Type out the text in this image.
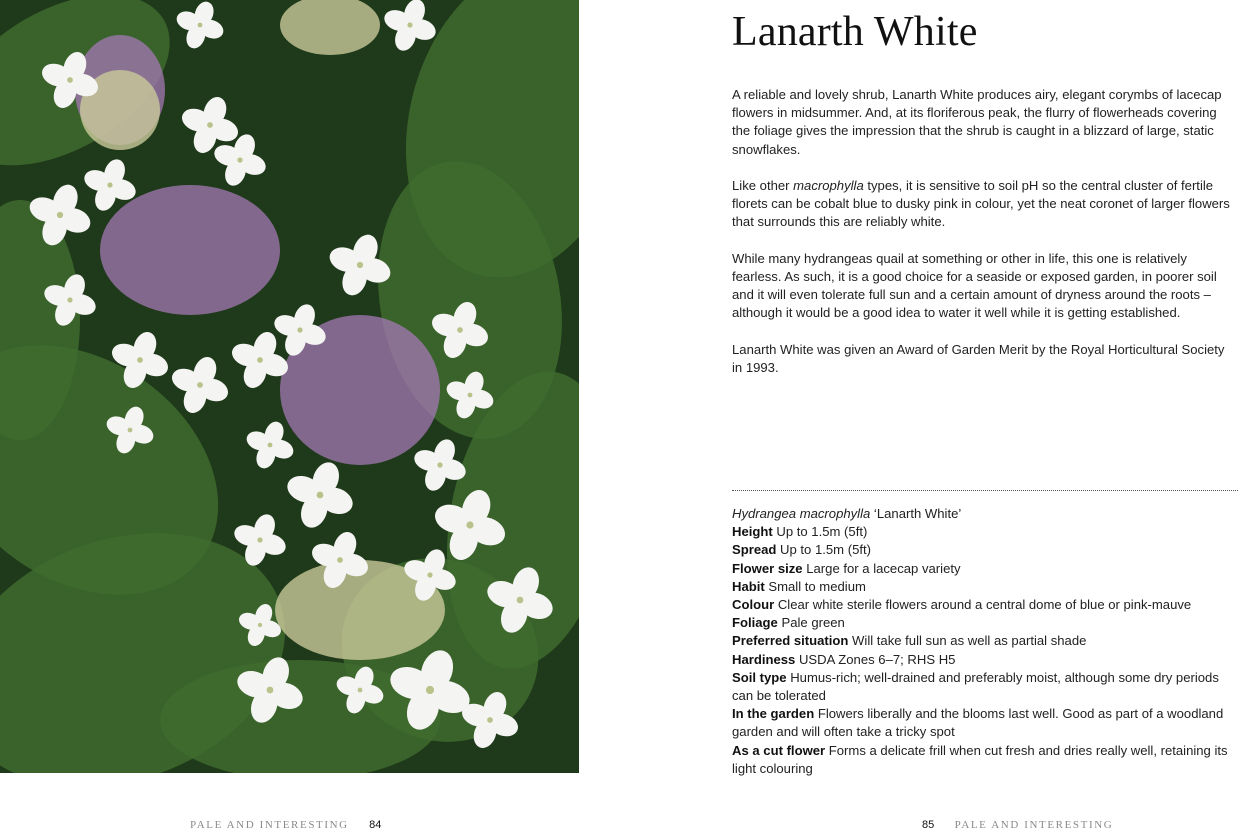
PALE AND INTERESTING 84
Lanarth White

A reliable and lovely shrub, Lanarth White produces airy, elegant corymbs of lacecap flowers in midsummer. And, at its floriferous peak, the flurry of flowerheads covering the foliage gives the impression that the shrub is caught in a blizzard of large, static snowflakes.

Like other macrophylla types, it is sensitive to soil pH so the central cluster of fertile florets can be cobalt blue to dusky pink in colour, yet the neat coronet of larger flowers that surrounds this are reliably white.

While many hydrangeas quail at something or other in life, this one is relatively fearless. As such, it is a good choice for a seaside or exposed garden, in poorer soil and it will even tolerate full sun and a certain amount of dryness around the roots – although it would be a good idea to water it well while it is getting established.

Lanarth White was given an Award of Garden Merit by the Royal Horticultural Society in 1993.

Hydrangea macrophylla ‘Lanarth White’
Height Up to 1.5m (5ft)
Spread Up to 1.5m (5ft)
Flower size Large for a lacecap variety
Habit Small to medium
Colour Clear white sterile flowers around a central dome of blue or pink-mauve
Foliage Pale green
Preferred situation Will take full sun as well as partial shade
Hardiness USDA Zones 6–7; RHS H5
Soil type Humus-rich; well-drained and preferably moist, although some dry periods can be tolerated
In the garden Flowers liberally and the blooms last well. Good as part of a woodland garden and will often take a tricky spot
As a cut flower Forms a delicate frill when cut fresh and dries really well, retaining its light colouring
85 PALE AND INTERESTING
